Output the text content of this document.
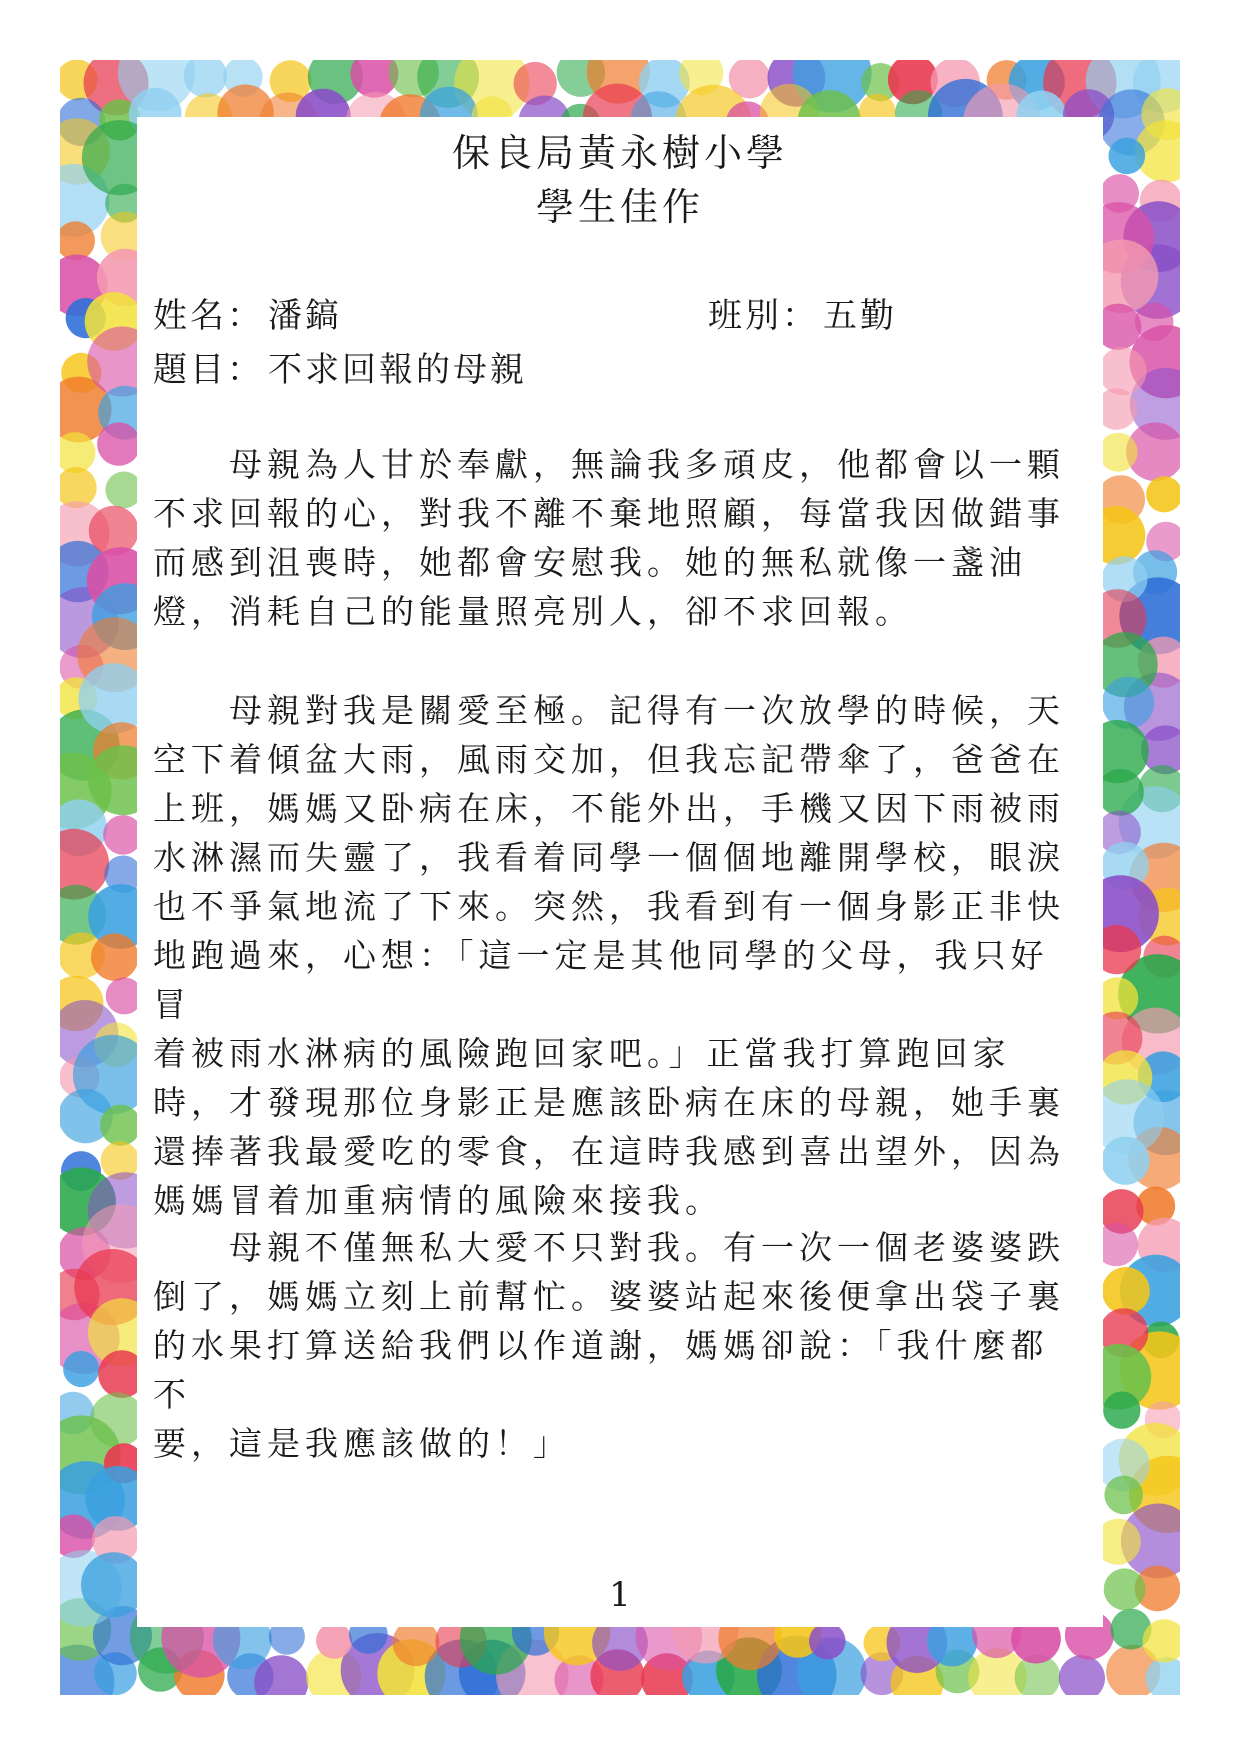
保良局黃永樹小學
學生佳作
姓名： 潘鎬	班別： 五勤
題目： 不求回報的母親

　　母親為人甘於奉獻，無論我多頑皮，他都會以一顆
不求回報的心，對我不離不棄地照顧，每當我因做錯事
而感到沮喪時，她都會安慰我。她的無私就像一盞油
燈，消耗自己的能量照亮別人，卻不求回報。

　　母親對我是關愛至極。記得有一次放學的時候，天
空下着傾盆大雨，風雨交加，但我忘記帶傘了，爸爸在
上班，媽媽又卧病在床，不能外出，手機又因下雨被雨
水淋濕而失靈了，我看着同學一個個地離開學校，眼淚
也不爭氣地流了下來。突然，我看到有一個身影正非快
地跑過來，心想：「這一定是其他同學的父母，我只好冒
着被雨水淋病的風險跑回家吧。」正當我打算跑回家
時，才發現那位身影正是應該卧病在床的母親，她手裏
還捧著我最愛吃的零食，在這時我感到喜出望外，因為
媽媽冒着加重病情的風險來接我。

　　母親不僅無私大愛不只對我。有一次一個老婆婆跌
倒了，媽媽立刻上前幫忙。婆婆站起來後便拿出袋子裏
的水果打算送給我們以作道謝，媽媽卻說：「我什麼都不
要，這是我應該做的！」

1
